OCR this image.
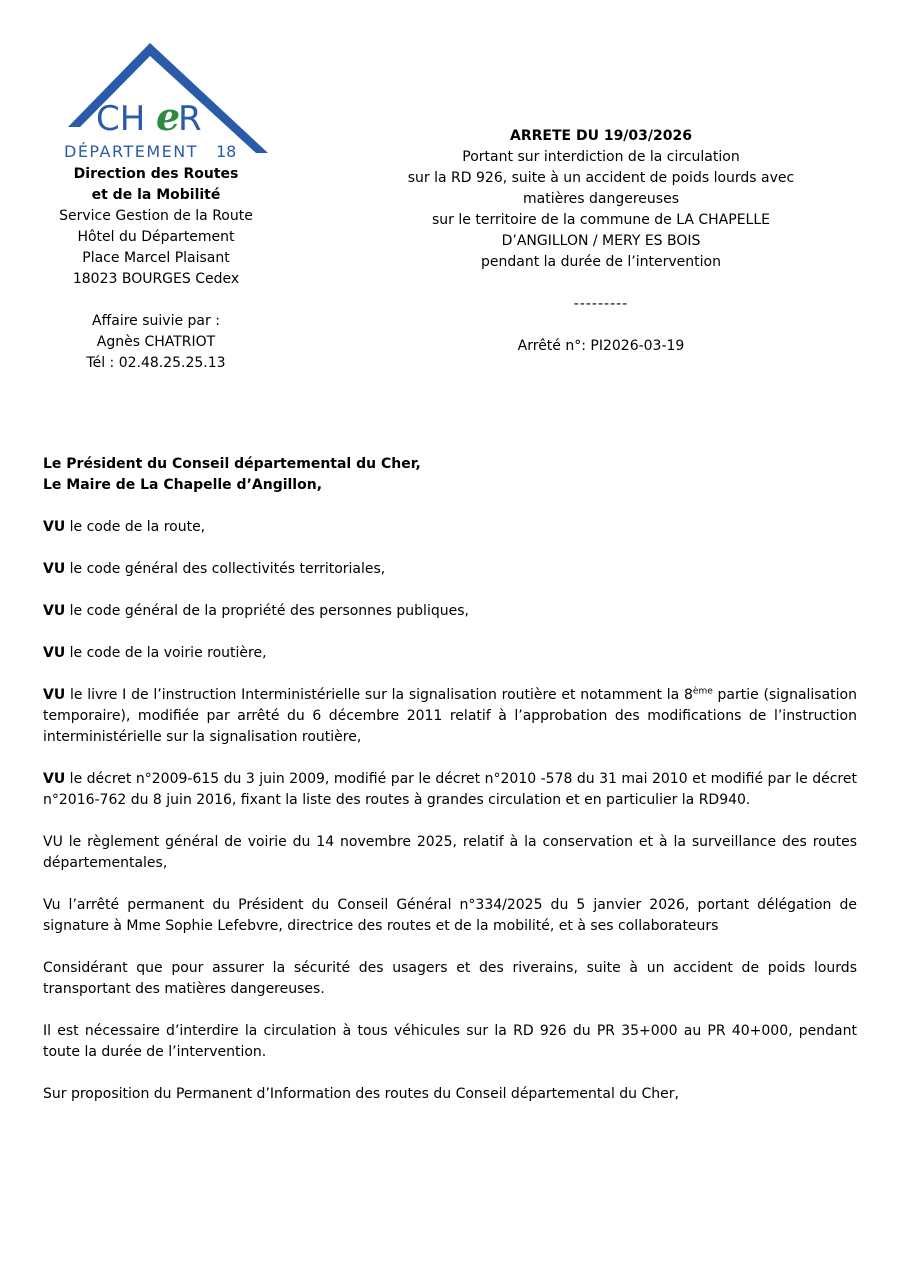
CH e
R
DÉPARTEMENT 18
Direction des Routes
et de la Mobilité
Service Gestion de la Route
Hôtel du Département
Place Marcel Plaisant
18023 BOURGES Cedex
Affaire suivie par :
Agnès CHATRIOT
Tél : 02.48.25.25.13
ARRETE DU 19/03/2026
Portant sur interdiction de la circulation
sur la RD 926, suite à un accident de poids lourds avec
matières dangereuses
sur le territoire de la commune de LA CHAPELLE
D’ANGILLON / MERY ES BOIS
pendant la durée de l’intervention
---------
Arrêté n°: PI2026-03-19
Le Président du Conseil départemental du Cher,
Le Maire de La Chapelle d’Angillon,

VU le code de la route,

VU le code général des collectivités territoriales,

VU le code général de la propriété des personnes publiques,

VU le code de la voirie routière,

VU le livre I de l’instruction Interministérielle sur la signalisation routière et notamment la 8ème partie (signalisation temporaire), modifiée par arrêté du 6 décembre 2011 relatif à l’approbation des modifications de l’instruction interministérielle sur la signalisation routière,

VU le décret n°2009-615 du 3 juin 2009, modifié par le décret n°2010 -578 du 31 mai 2010 et modifié par le décret n°2016-762 du 8 juin 2016, fixant la liste des routes à grandes circulation et en particulier la RD940.

VU le règlement général de voirie du 14 novembre 2025, relatif à la conservation et à la surveillance des routes départementales,

Vu l’arrêté permanent du Président du Conseil Général n°334/2025 du 5 janvier 2026, portant délégation de signature à Mme Sophie Lefebvre, directrice des routes et de la mobilité, et à ses collaborateurs

Considérant que pour assurer la sécurité des usagers et des riverains, suite à un accident de poids lourds transportant des matières dangereuses.

Il est nécessaire d’interdire la circulation à tous véhicules sur la RD 926 du PR 35+000 au PR 40+000, pendant toute la durée de l’intervention.

Sur proposition du Permanent d’Information des routes du Conseil départemental du Cher,
